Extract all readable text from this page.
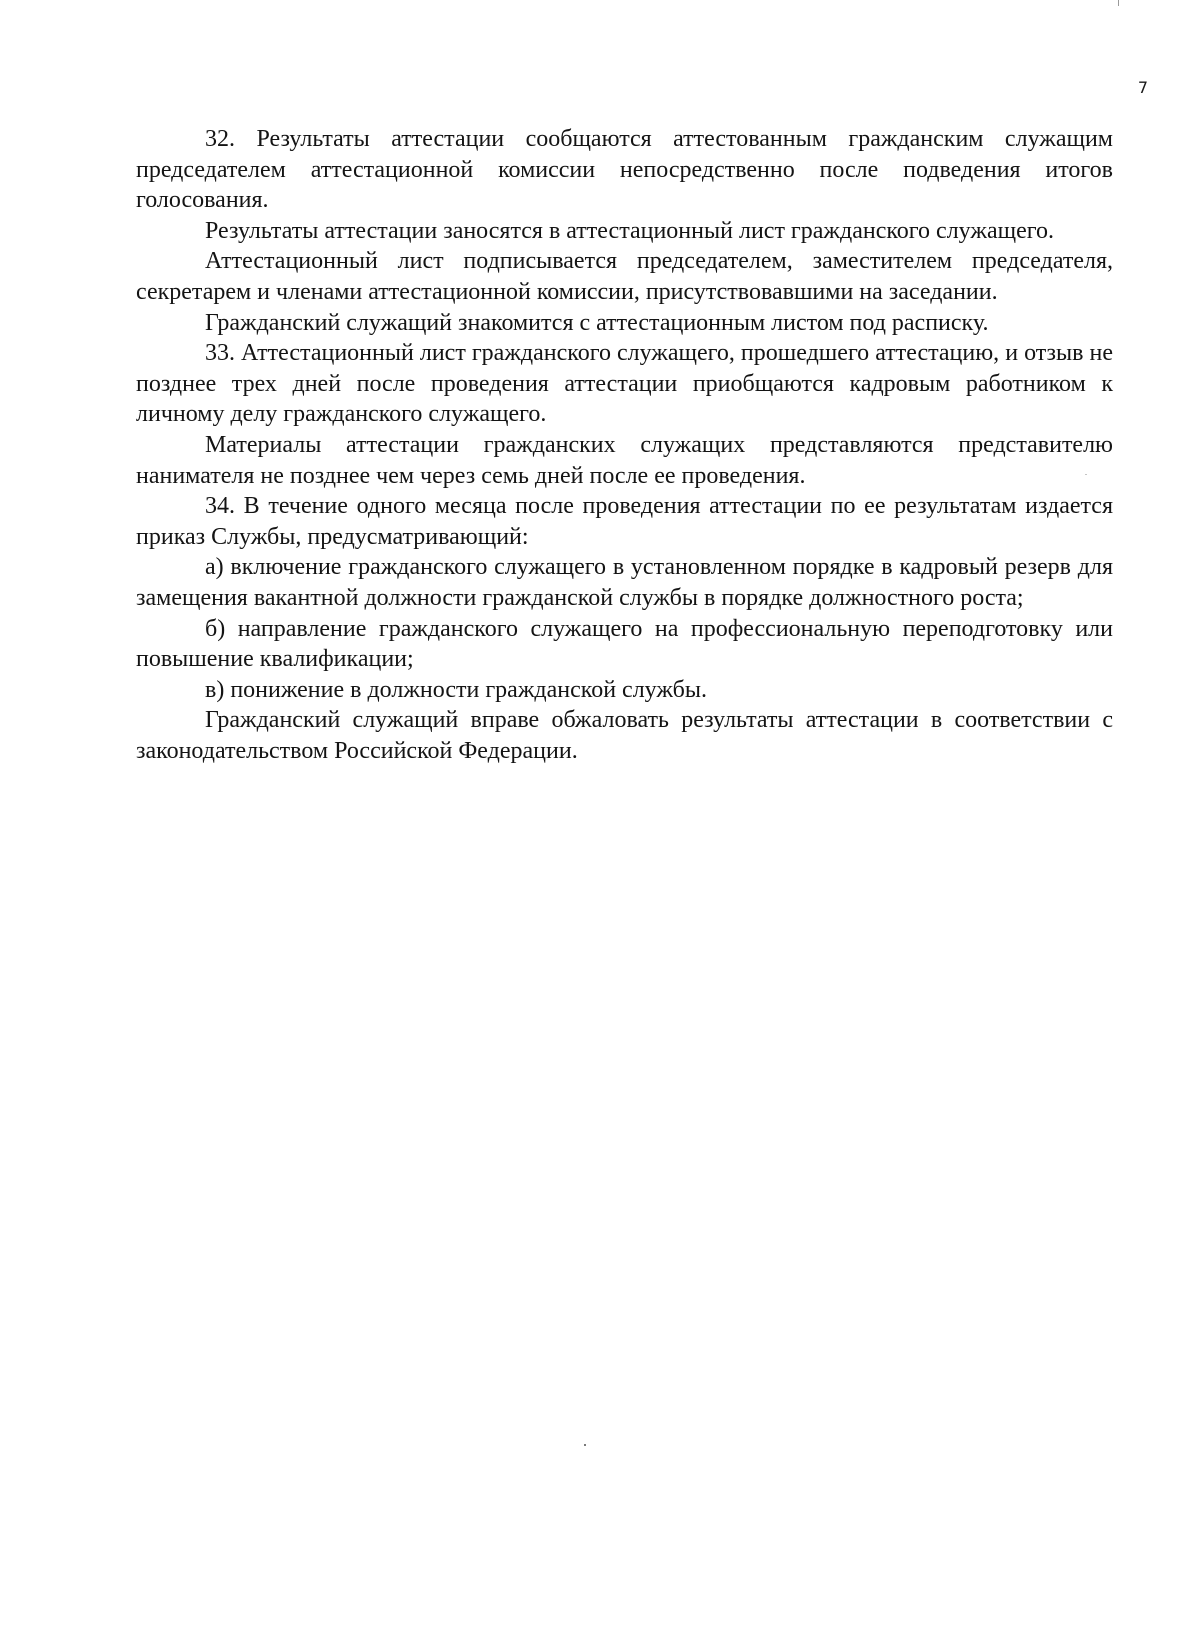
7

32. Результаты аттестации сообщаются аттестованным гражданским служащим председателем аттестационной комиссии непосредственно после подведения итогов голосования.

Результаты аттестации заносятся в аттестационный лист гражданского служащего.

Аттестационный лист подписывается председателем, заместителем председателя, секретарем и членами аттестационной комиссии, присутствовавшими на заседании.

Гражданский служащий знакомится с аттестационным листом под расписку.

33. Аттестационный лист гражданского служащего, прошедшего аттестацию, и отзыв не позднее трех дней после проведения аттестации приобщаются кадровым работником к личному делу гражданского служащего.

Материалы аттестации гражданских служащих представляются представителю нанимателя не позднее чем через семь дней после ее проведения.

34. В течение одного месяца после проведения аттестации по ее результатам издается приказ Службы, предусматривающий:

а) включение гражданского служащего в установленном порядке в кадровый резерв для замещения вакантной должности гражданской службы в порядке должностного роста;

б) направление гражданского служащего на профессиональную переподготовку или повышение квалификации;

в) понижение в должности гражданской службы.

Гражданский служащий вправе обжаловать результаты аттестации в соответствии с законодательством Российской Федерации.
